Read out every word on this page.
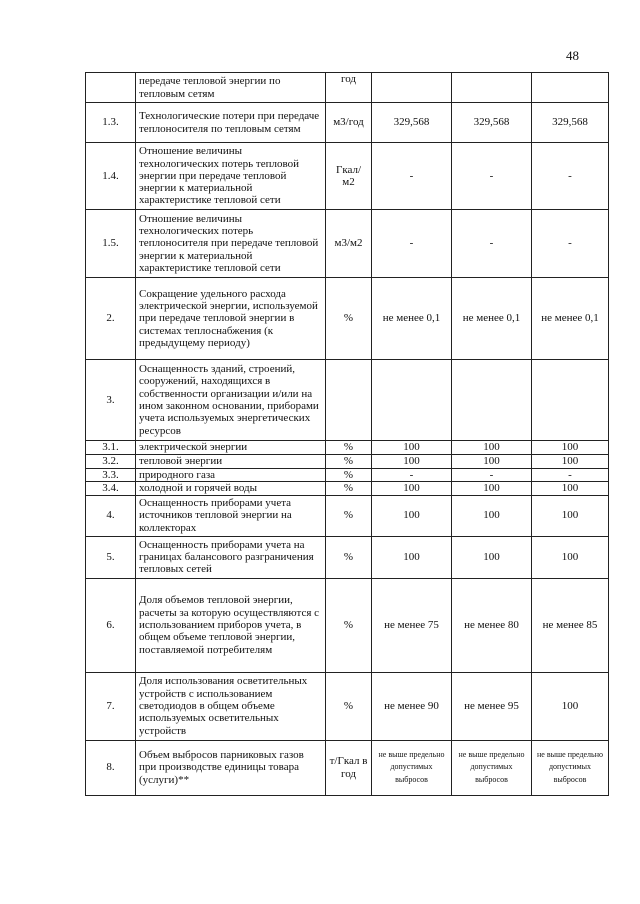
48
	передаче тепловой энергии по тепловым сетям	год			
1.3.	Технологические потери при передаче теплоносителя по тепловым сетям	м3/год	329,568	329,568	329,568
1.4.	Отношение величины технологических потерь тепловой энергии при передаче тепловой энергии к материальной характеристике тепловой сети	Гкал/ м2	-	-	-
1.5.	Отношение величины технологических потерь теплоносителя при передаче тепловой энергии к материальной характеристике тепловой сети	м3/м2	-	-	-
2.	Сокращение удельного расхода электрической энергии, используемой при передаче тепловой энергии в системах теплоснабжения (к предыдущему периоду)	%	не менее 0,1	не менее 0,1	не менее 0,1
3.	Оснащенность зданий, строений, сооружений, находящихся в собственности организации и/или на ином законном основании, приборами учета используемых энергетических ресурсов				
3.1.	электрической энергии	%	100	100	100
3.2.	тепловой энергии	%	100	100	100
3.3.	природного газа	%	-	-	-
3.4.	холодной и горячей воды	%	100	100	100
4.	Оснащенность приборами учета источников тепловой энергии на коллекторах	%	100	100	100
5.	Оснащенность приборами учета на границах балансового разграничения тепловых сетей	%	100	100	100
6.	Доля объемов тепловой энергии, расчеты за которую осуществляются с использованием приборов учета, в общем объеме тепловой энергии, поставляемой потребителям	%	не менее 75	не менее 80	не менее 85
7.	Доля использования осветительных устройств с использованием светодиодов в общем объеме используемых осветительных устройств	%	не менее 90	не менее 95	100
8.	Объем выбросов парниковых газов при производстве единицы товара (услуги)**	т/Гкал в год	не выше предельно допустимых выбросов	не выше предельно допустимых выбросов	не выше предельно допустимых выбросов
